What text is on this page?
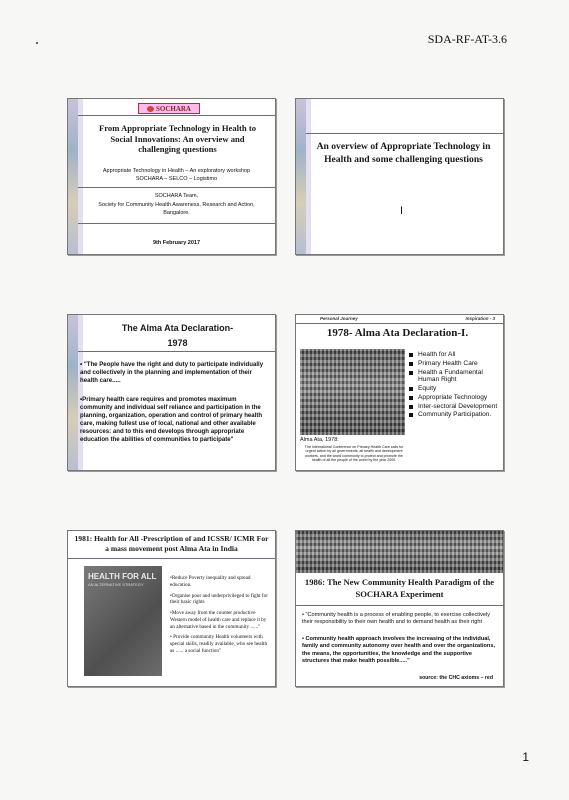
SDA-RF-AT-3.6
SOCHARA
From Appropriate Technology in Health to Social Innovations: An overview and challenging questions
Appropriate Technology in Health – An exploratory workshop
SOCHARA – SELCO – Logistimo
SOCHARA Team,
Society for Community Health Awareness, Research and Action,
Bangalore.
9th February 2017
An overview of Appropriate Technology in Health and some challenging questions
I
The Alma Ata Declaration-
1978
• "The People have the right and duty to participate individually and collectively in the planning and implementation of their health care.....
•Primary health care requires and promotes maximum community and individual self reliance and participation in the planning, organization, operation and control of primary health care, making fullest use of local, national and other available resources: and to this end develops through appropriate education the abilities of communities to participate"
Personal Journey	Inspiration - 3
1978- Alma Ata Declaration-I.
Alma Ata, 1978:
The International Conference on Primary Health Care calls for urgent action by all governments, all health and development workers, and the world community to protect and promote the health of all the people of the world by the year 2000.
Health for All
Primary Health Care
Health a Fundamental Human Right
Equity
Appropriate Technology
Inter-sectoral Development
Community Participation.
1981: Health for All -Prescription of and ICSSR/ ICMR For a mass movement post Alma Ata in India
HEALTH FOR ALL
AN ALTERNATIVE STRATEGY
•Reduce Poverty inequality and spread education.
•Organise poor and underprivileged to fight for their basic rights
•Move away from the counter productive Western model of health care and replace it by an alternative based in the community ......"
• Provide community Health volunteers with special skills, readily available, who see health as ...... a social function"
1986: The New Community Health Paradigm of the SOCHARA Experiment
• "Community health is a process of enabling people, to exercise collectively their responsibility to their own health and to demand health as their right
• Community health approach involves the increasing of the individual, family and community autonomy over health and over the organizations, the means, the opportunities, the knowledge and the supportive structures that make health possible....."
source: the CHC axioms – red
1
